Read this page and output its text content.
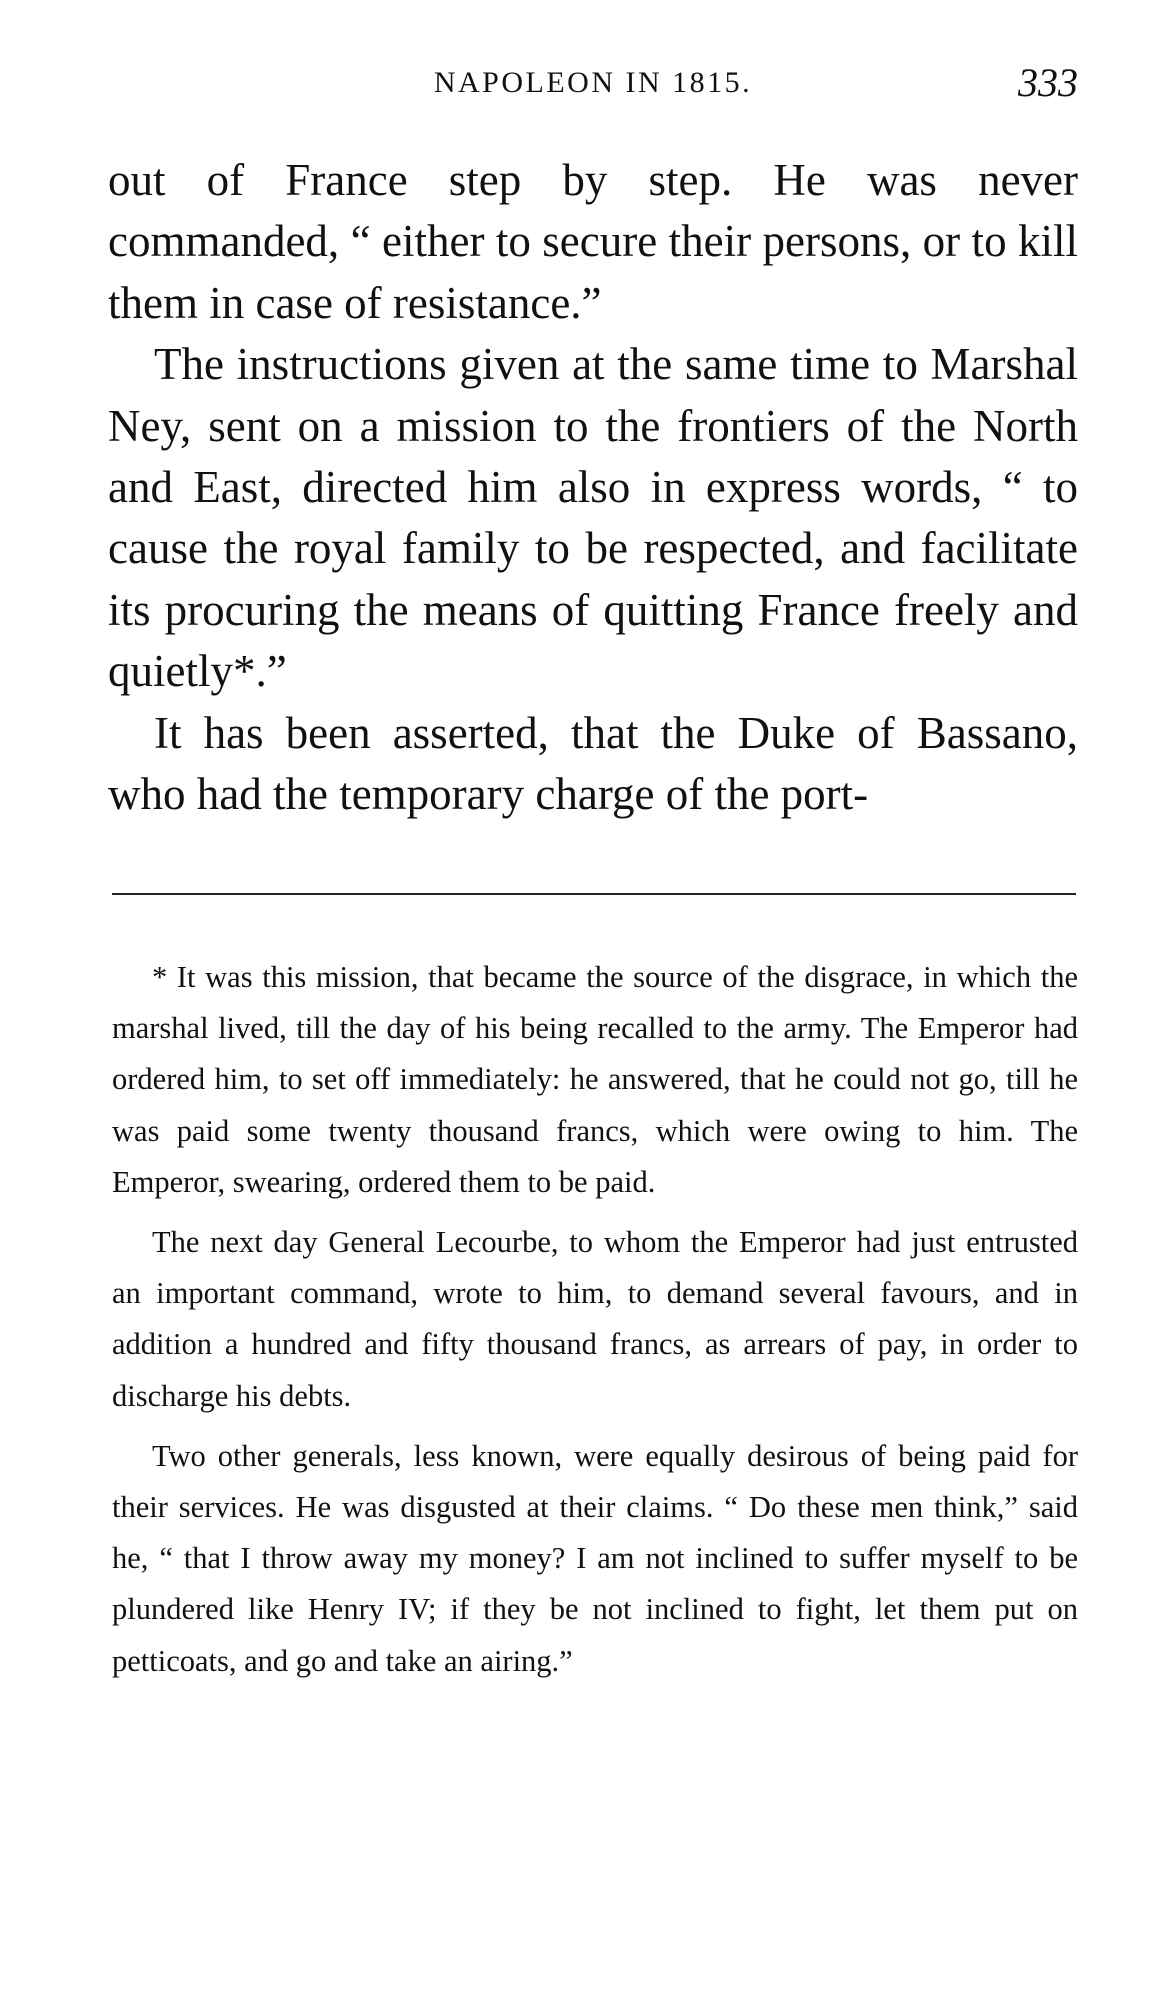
NAPOLEON IN 1815.	333

out of France step by step. He was never commanded, “ either to secure their persons, or to kill them in case of resistance.”

The instructions given at the same time to Marshal Ney, sent on a mission to the frontiers of the North and East, directed him also in express words, “ to cause the royal family to be respected, and facilitate its procuring the means of quitting France freely and quietly*.”

It has been asserted, that the Duke of Bassano, who had the temporary charge of the port-

* It was this mission, that became the source of the disgrace, in which the marshal lived, till the day of his being recalled to the army. The Emperor had ordered him, to set off immediately: he answered, that he could not go, till he was paid some twenty thousand francs, which were owing to him. The Emperor, swearing, ordered them to be paid.

The next day General Lecourbe, to whom the Emperor had just entrusted an important command, wrote to him, to demand several favours, and in addition a hundred and fifty thousand francs, as arrears of pay, in order to discharge his debts.

Two other generals, less known, were equally desirous of being paid for their services. He was disgusted at their claims. “ Do these men think,” said he, “ that I throw away my money? I am not inclined to suffer myself to be plundered like Henry IV; if they be not inclined to fight, let them put on petticoats, and go and take an airing.”
